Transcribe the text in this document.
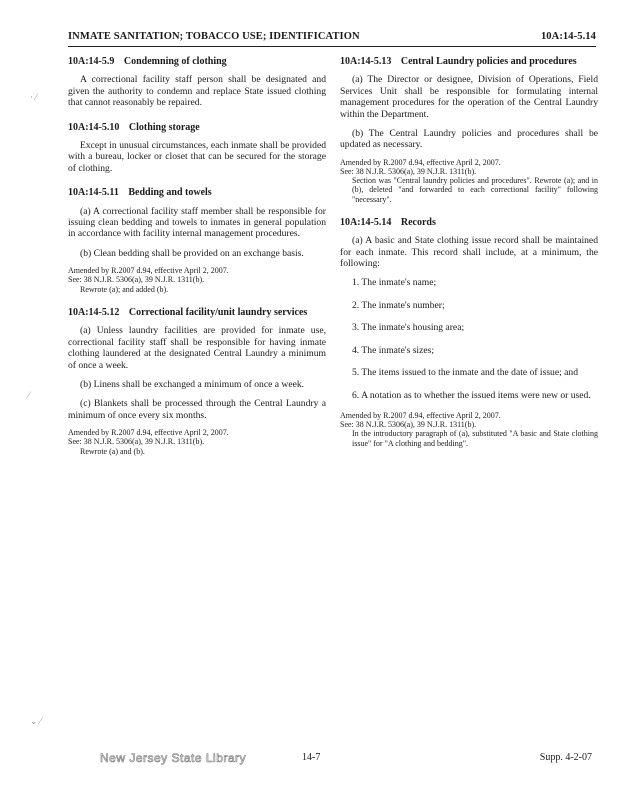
INMATE SANITATION; TOBACCO USE; IDENTIFICATION	10A:14-5.14
10A:14-5.9 Condemning of clothing

A correctional facility staff person shall be designated and given the authority to condemn and replace State issued clothing that cannot reasonably be repaired.

10A:14-5.10 Clothing storage

Except in unusual circumstances, each inmate shall be provided with a bureau, locker or closet that can be secured for the storage of clothing.

10A:14-5.11 Bedding and towels

(a) A correctional facility staff member shall be responsible for issuing clean bedding and towels to inmates in general population in accordance with facility internal management procedures.

(b) Clean bedding shall be provided on an exchange basis.

Amended by R.2007 d.94, effective April 2, 2007.
See: 38 N.J.R. 5306(a), 39 N.J.R. 1311(b).
Rewrote (a); and added (b).
10A:14-5.12 Correctional facility/unit laundry services

(a) Unless laundry facilities are provided for inmate use, correctional facility staff shall be responsible for having inmate clothing laundered at the designated Central Laundry a minimum of once a week.

(b) Linens shall be exchanged a minimum of once a week.

(c) Blankets shall be processed through the Central Laundry a minimum of once every six months.

Amended by R.2007 d.94, effective April 2, 2007.
See: 38 N.J.R. 5306(a), 39 N.J.R. 1311(b).
Rewrote (a) and (b).
10A:14-5.13 Central Laundry policies and procedures

(a) The Director or designee, Division of Operations, Field Services Unit shall be responsible for formulating internal management procedures for the operation of the Central Laundry within the Department.

(b) The Central Laundry policies and procedures shall be updated as necessary.

Amended by R.2007 d.94, effective April 2, 2007.
See: 38 N.J.R. 5306(a), 39 N.J.R. 1311(b).
Section was "Central laundry policies and procedures". Rewrote (a); and in (b), deleted "and forwarded to each correctional facility" following "necessary".
10A:14-5.14 Records

(a) A basic and State clothing issue record shall be maintained for each inmate. This record shall include, at a minimum, the following:

1. The inmate's name;
2. The inmate's number;
3. The inmate's housing area;
4. The inmate's sizes;
5. The items issued to the inmate and the date of issue; and
6. A notation as to whether the issued items were new or used.
Amended by R.2007 d.94, effective April 2, 2007.
See: 38 N.J.R. 5306(a), 39 N.J.R. 1311(b).
In the introductory paragraph of (a), substituted "A basic and State clothing issue" for "A clothing and bedding".
· ⁄
⁄
⌄ ⁄
New Jersey State Library	14-7	Supp. 4-2-07
